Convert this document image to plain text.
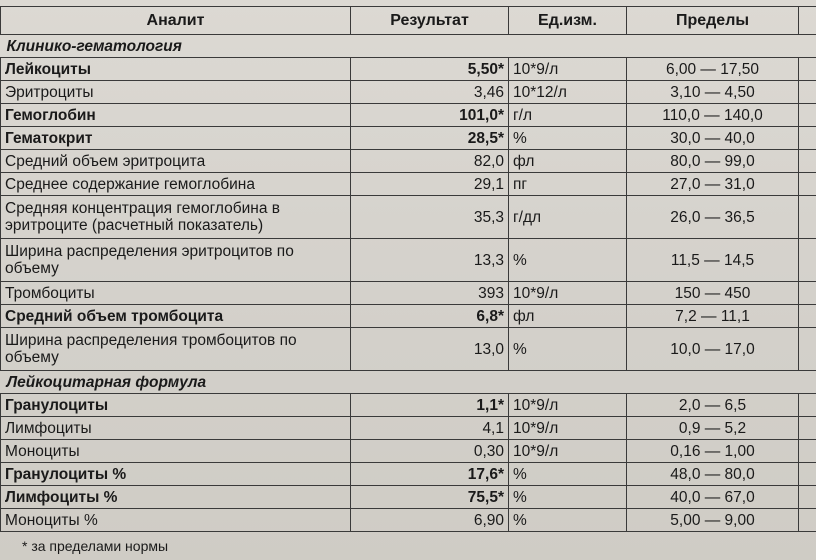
Аналит	Результат	Ед.изм.	Пределы	
Клинико-гематология				
Лейкоциты	5,50*	10*9/л	6,00 — 17,50	
Эритроциты	3,46	10*12/л	3,10 — 4,50	
Гемоглобин	101,0*	г/л	110,0 — 140,0	
Гематокрит	28,5*	%	30,0 — 40,0	
Средний объем эритроцита	82,0	фл	80,0 — 99,0	
Среднее содержание гемоглобина	29,1	пг	27,0 — 31,0	
Средняя концентрация гемоглобина в эритроците (расчетный показатель)	35,3	г/дл	26,0 — 36,5	
Ширина распределения эритроцитов по объему	13,3	%	11,5 — 14,5	
Тромбоциты	393	10*9/л	150 — 450	
Средний объем тромбоцита	6,8*	фл	7,2 — 11,1	
Ширина распределения тромбоцитов по объему	13,0	%	10,0 — 17,0	
Лейкоцитарная формула				
Гранулоциты	1,1*	10*9/л	2,0 — 6,5	
Лимфоциты	4,1	10*9/л	0,9 — 5,2	
Моноциты	0,30	10*9/л	0,16 — 1,00	
Гранулоциты %	17,6*	%	48,0 — 80,0	
Лимфоциты %	75,5*	%	40,0 — 67,0	
Моноциты %	6,90	%	5,00 — 9,00	
* за пределами нормы
